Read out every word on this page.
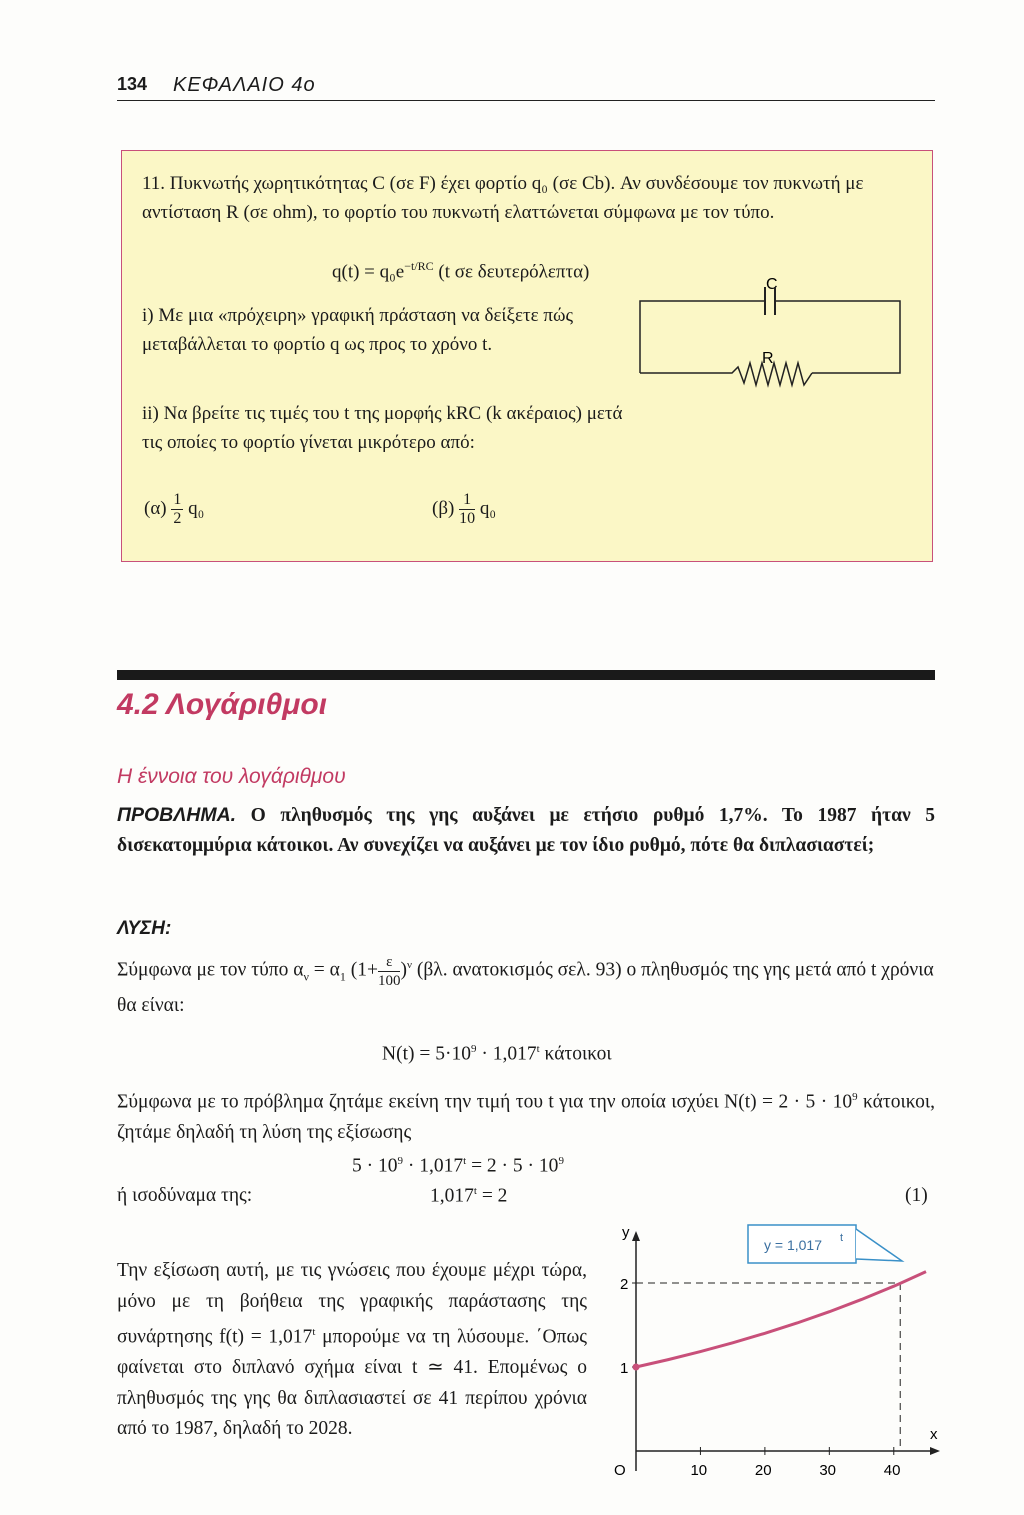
134 ΚΕΦΑΛΑΙΟ 4ο
11. Πυκνωτής χωρητικότητας C (σε F) έχει φορτίο q₀ (σε Cb). Αν συνδέσουμε τον πυκνωτή με αντίσταση R (σε ohm), το φορτίο του πυκνωτή ελαττώνεται σύμφωνα με τον τύπο.
$q(t) = q_0e^{-t/RC}$ (t σε δευτερόλεπτα)
i) Με μια «πρόχειρη» γραφική πράσταση να δείξετε πώς μεταβάλλεται το φορτίο q ως προς το χρόνο t.
ii) Να βρείτε τις τιμές του t της μορφής kRC (k ακέραιος) μετά τις οποίες το φορτίο γίνεται μικρότερο από:
$(\alpha) \frac{1}{2} q_0$	$(\beta) \frac{1}{10} q_0$
C
R
4.2 Λογάριθμοι
Η έννοια του λογάριθμου
ΠΡΟΒΛΗΜΑ. Ο πληθυσμός της γης αυξάνει με ετήσιο ρυθμό 1,7%. Το 1987 ήταν 5 δισεκατομμύρια κάτοικοι. Αν συνεχίζει να αυξάνει με τον ίδιο ρυθμό, πότε θα διπλασιαστεί;
ΛΥΣΗ:
Σύμφωνα με τον τύπο $\alpha_\nu = \alpha_1$ $(1+ \frac{\varepsilon}{100} )^\nu$ (βλ. ανατοκισμός σελ. 93) ο πληθυσμός της γης μετά από t χρόνια θα είναι:
$N(t) = 5\cdot 10^9 \cdot 1,017^t$ κάτοικοι
Σύμφωνα με το πρόβλημα ζητάμε εκείνη την τιμή του t για την οποία ισχύει $N(t) = 2 \cdot 5 \cdot 10^9$ κάτοικοι, ζητάμε δηλαδή τη λύση της εξίσωσης
$5 \cdot 10^9 \cdot 1,017^t = 2 \cdot 5 \cdot 10^9$
ή ισοδύναμα της:	$1,017^t = 2$	(1)
Την εξίσωση αυτή, με τις γνώσεις που έχουμε μέχρι τώρα, μόνο με τη βοήθεια της γραφικής παράστασης της συνάρτησης $f(t) = 1,017^t$ μπορούμε να τη λύσουμε. ΄Οπως φαίνεται στο διπλανό σχήμα είναι t ≃ 41. Επομένως ο πληθυσμός της γης θα διπλασιαστεί σε 41 περίπου χρόνια από το 1987, δηλαδή το 2028.	x
y
O	10	20	30	40
1
2
y = 1,017 t
